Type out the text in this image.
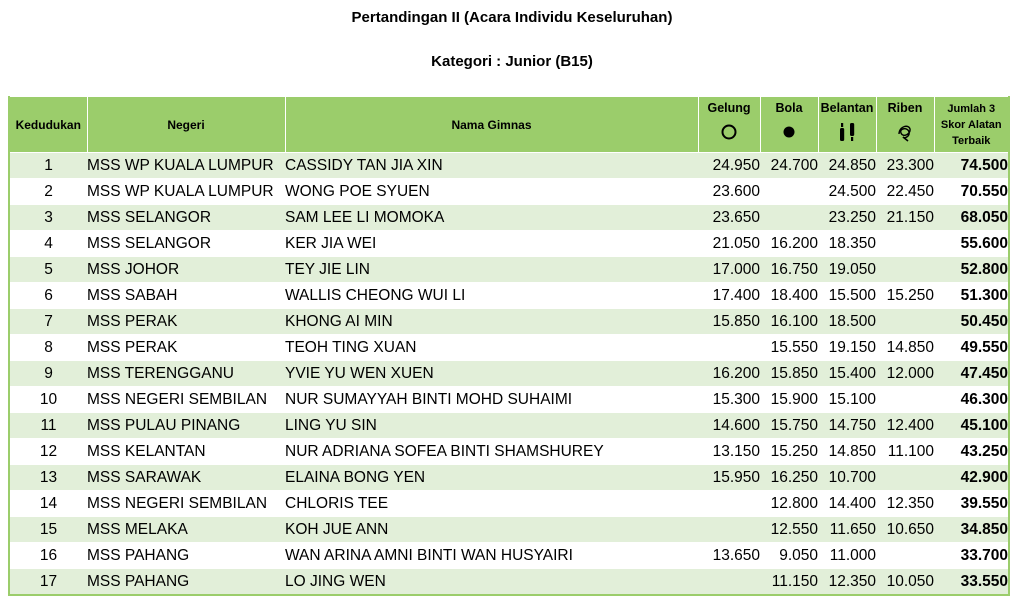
Pertandingan II (Acara Individu Keseluruhan)
Kategori : Junior (B15)
Kedudukan	Negeri	Nama Gimnas	Gelung	Bola	Belantan	Riben	Jumlah 3
Skor Alatan
Terbaik

1	MSS WP KUALA LUMPUR	CASSIDY TAN JIA XIN	24.950	24.700	24.850	23.300	74.500
2	MSS WP KUALA LUMPUR	WONG POE SYUEN	23.600		24.500	22.450	70.550
3	MSS SELANGOR	SAM LEE LI MOMOKA	23.650		23.250	21.150	68.050
4	MSS SELANGOR	KER JIA WEI	21.050	16.200	18.350		55.600
5	MSS JOHOR	TEY JIE LIN	17.000	16.750	19.050		52.800
6	MSS SABAH	WALLIS CHEONG WUI LI	17.400	18.400	15.500	15.250	51.300
7	MSS PERAK	KHONG AI MIN	15.850	16.100	18.500		50.450
8	MSS PERAK	TEOH TING XUAN		15.550	19.150	14.850	49.550
9	MSS TERENGGANU	YVIE YU WEN XUEN	16.200	15.850	15.400	12.000	47.450
10	MSS NEGERI SEMBILAN	NUR SUMAYYAH BINTI MOHD SUHAIMI	15.300	15.900	15.100		46.300
11	MSS PULAU PINANG	LING YU SIN	14.600	15.750	14.750	12.400	45.100
12	MSS KELANTAN	NUR ADRIANA SOFEA BINTI SHAMSHUREY	13.150	15.250	14.850	11.100	43.250
13	MSS SARAWAK	ELAINA BONG YEN	15.950	16.250	10.700		42.900
14	MSS NEGERI SEMBILAN	CHLORIS TEE		12.800	14.400	12.350	39.550
15	MSS MELAKA	KOH JUE ANN		12.550	11.650	10.650	34.850
16	MSS PAHANG	WAN ARINA AMNI BINTI WAN HUSYAIRI	13.650	9.050	11.000		33.700
17	MSS PAHANG	LO JING WEN		11.150	12.350	10.050	33.550
